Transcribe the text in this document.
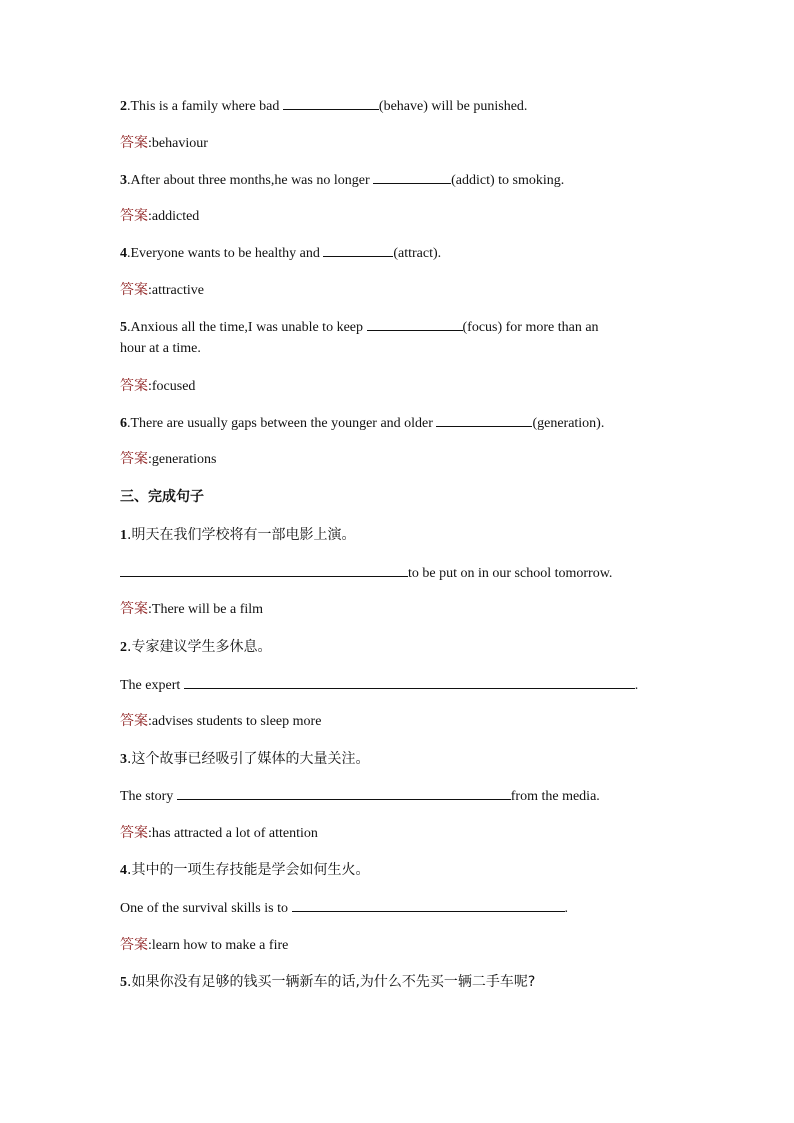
2.This is a family where bad	(behave) will be punished.
答案:behaviour
3.After about three months,he was no longer	(addict) to smoking.
答案:addicted
4.Everyone wants to be healthy and	(attract).
答案:attractive
5.Anxious all the time,I was unable to keep	(focus) for more than an
hour at a time.
答案:focused
6.There are usually gaps between the younger and older	(generation).
答案:generations
三、完成句子
1.明天在我们学校将有一部电影上演。
to be put on in our school tomorrow.
答案:There will be a film
2.专家建议学生多休息。
The expert	.
答案:advises students to sleep more
3.这个故事已经吸引了媒体的大量关注。
The story	from the media.
答案:has attracted a lot of attention
4.其中的一项生存技能是学会如何生火。
One of the survival skills is to	.
答案:learn how to make a fire
5.如果你没有足够的钱买一辆新车的话,为什么不先买一辆二手车呢?
